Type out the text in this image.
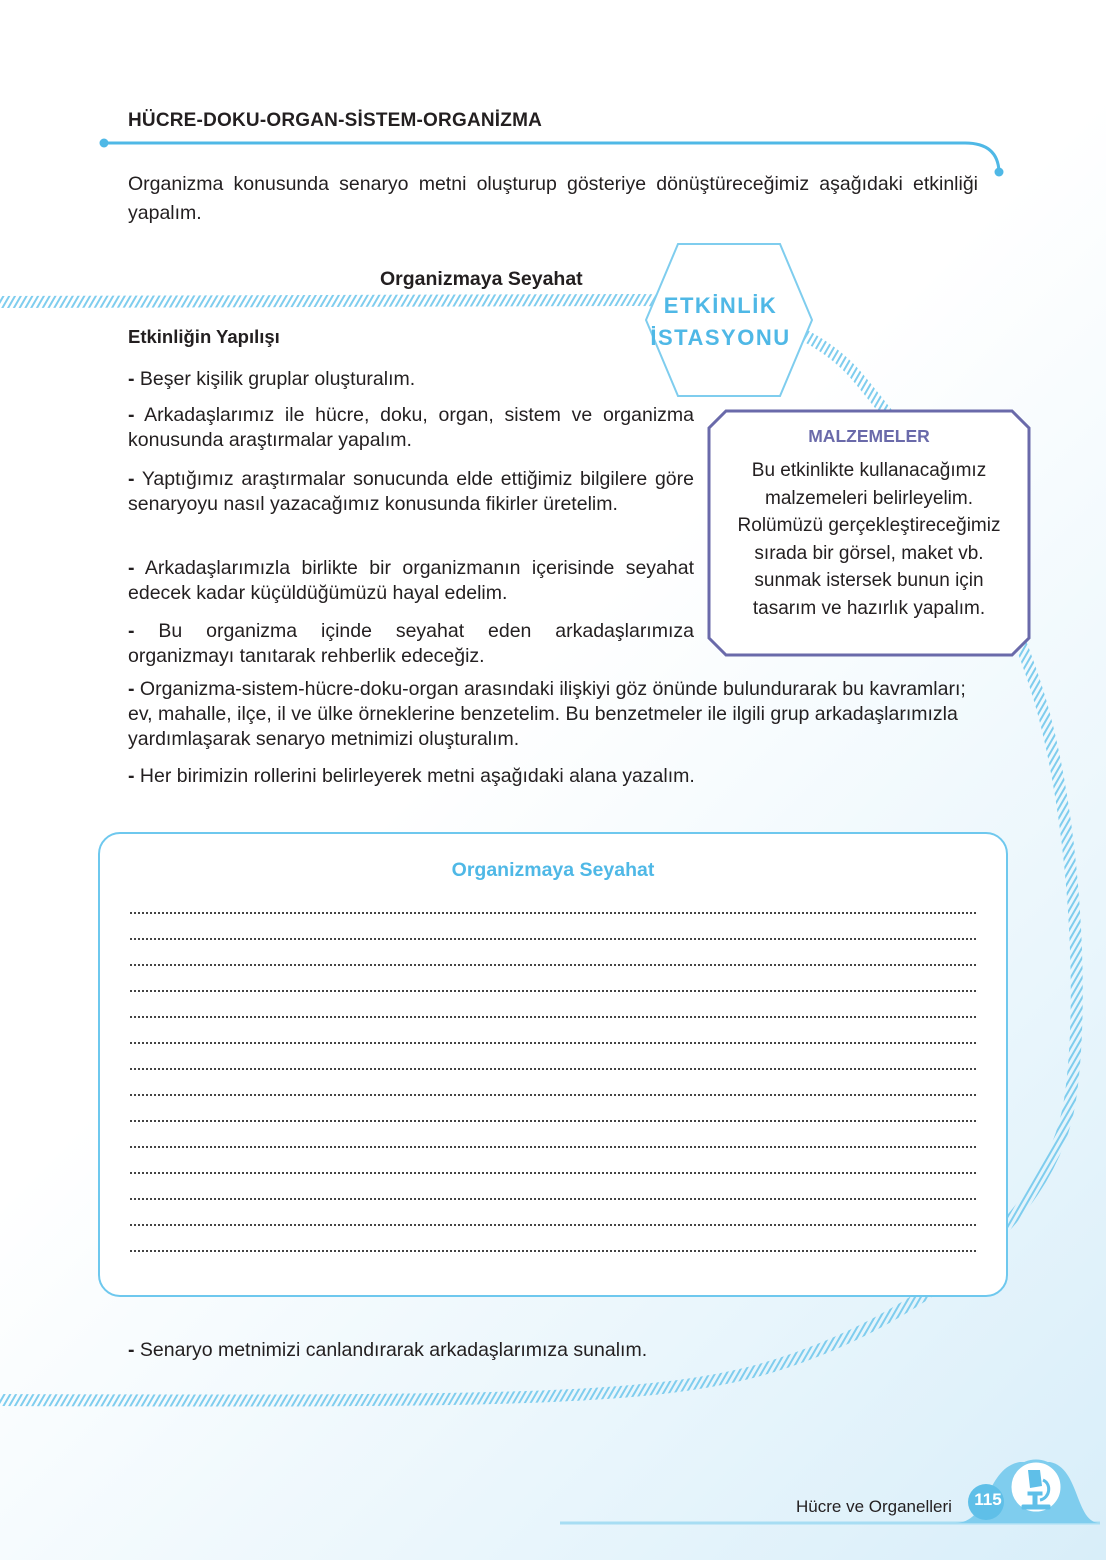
HÜCRE-DOKU-ORGAN-SİSTEM-ORGANİZMA
Organizma konusunda senaryo metni oluşturup gösteriye dönüştüreceğimiz aşağıdaki etkinliği yapalım.
Organizmaya Seyahat
ETKİNLİK
İSTASYONU
Etkinliğin Yapılışı
- Beşer kişilik gruplar oluşturalım.
- Arkadaşlarımız ile hücre, doku, organ, sistem ve organizma konusunda araştırmalar yapalım.
- Yaptığımız araştırmalar sonucunda elde ettiğimiz bilgilere göre senaryoyu nasıl yazacağımız konusunda fikirler üretelim.
- Arkadaşlarımızla birlikte bir organizmanın içerisinde seyahat edecek kadar küçüldüğümüzü hayal edelim.
- Bu organizma içinde seyahat eden arkadaşlarımıza organizmayı tanıtarak rehberlik edeceğiz.
- Organizma-sistem-hücre-doku-organ arasındaki ilişkiyi göz önünde bulundurarak bu kavramları; ev, mahalle, ilçe, il ve ülke örneklerine benzetelim. Bu benzetmeler ile ilgili grup arkadaşlarımızla yardımlaşarak senaryo metnimizi oluşturalım.
- Her birimizin rollerini belirleyerek metni aşağıdaki alana yazalım.
MALZEMELER
Bu etkinlikte kullanacağımız malzemeleri belirleyelim. Rolümüzü gerçekleştireceğimiz sırada bir görsel, maket vb. sunmak istersek bunun için tasarım ve hazırlık yapalım.
Organizmaya Seyahat
- Senaryo metnimizi canlandırarak arkadaşlarımıza sunalım.
Hücre ve Organelleri	115
